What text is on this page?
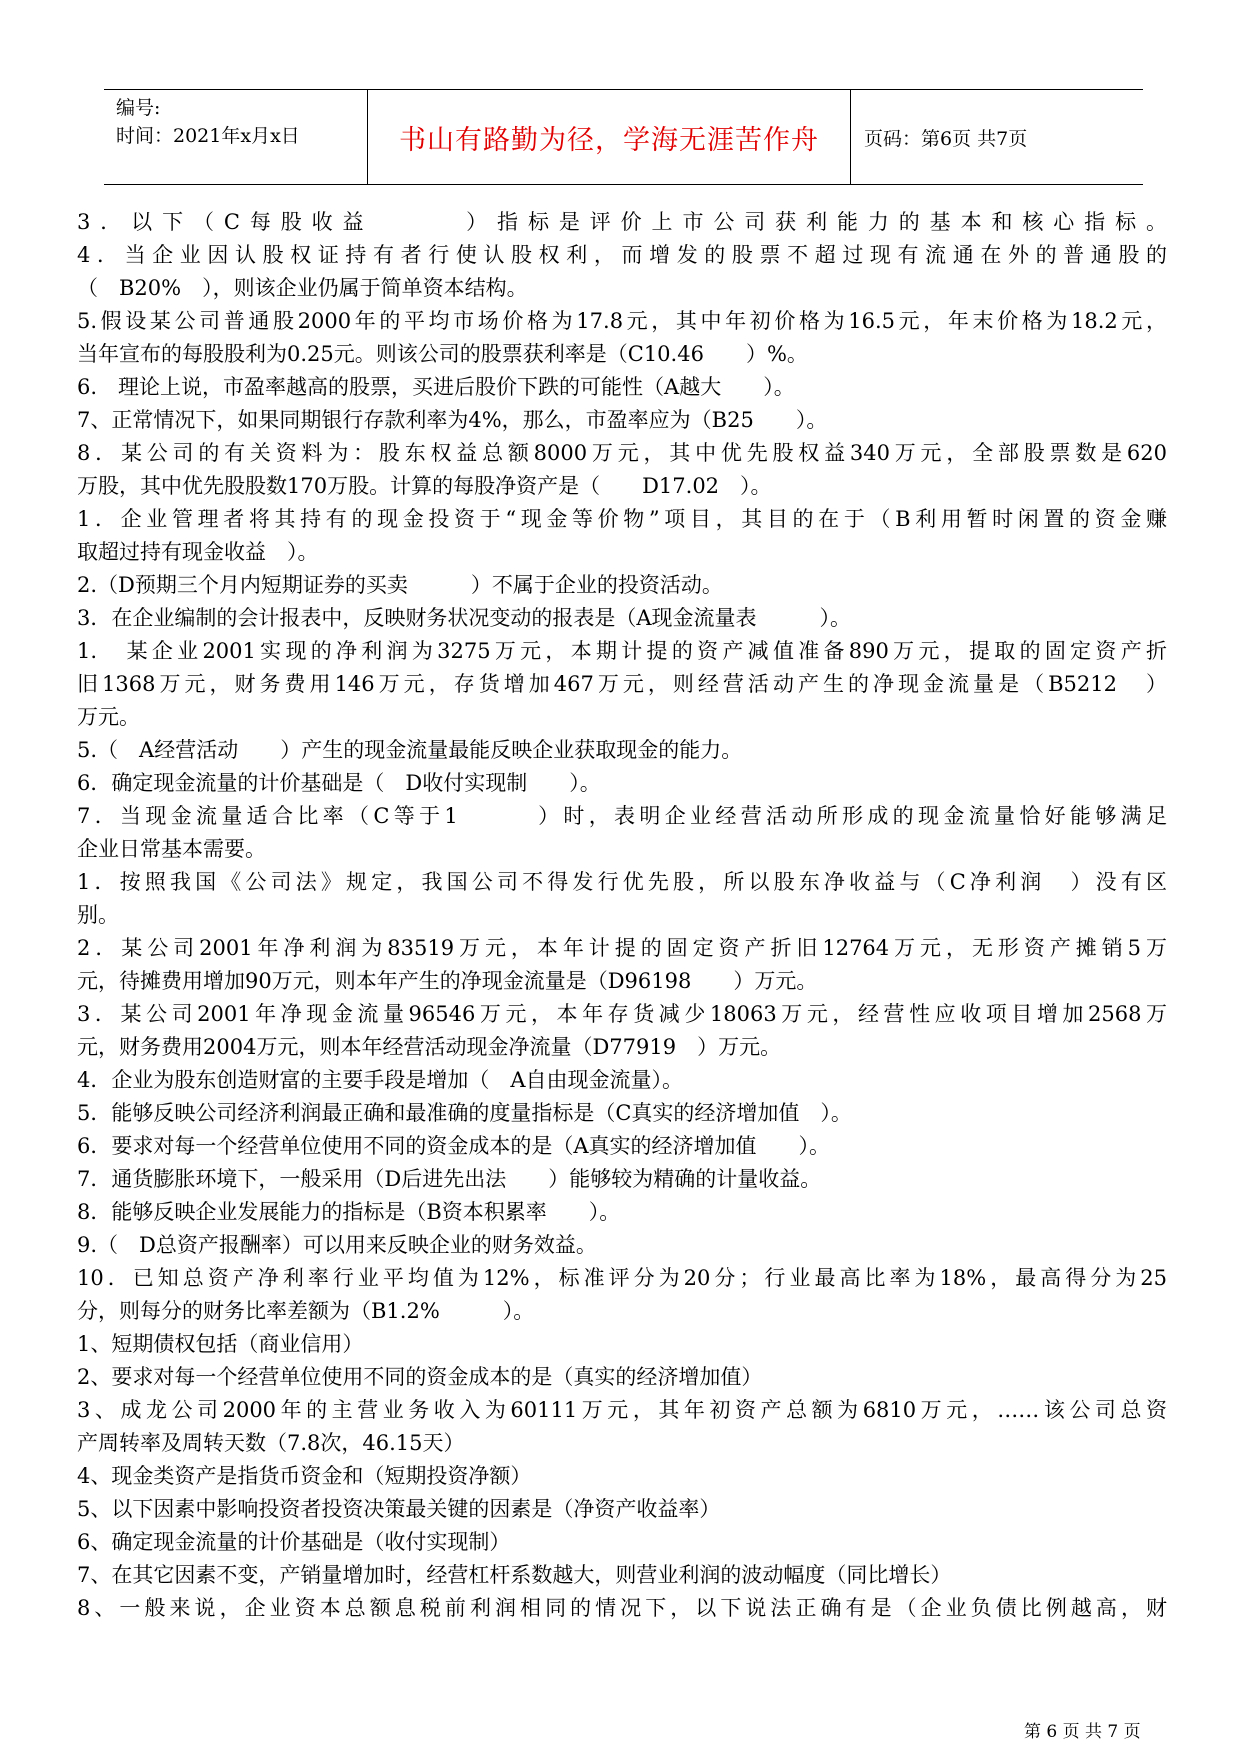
编号:
时间：2021年x月x日	书山有路勤为径，学海无涯苦作舟	页码：第6页 共7页
3．以下（C每股收益　　　）指标是评价上市公司获利能力的基本和核心指标。
4．当企业因认股权证持有者行使认股权利，而增发的股票不超过现有流通在外的普通股的
（　B20%　），则该企业仍属于简单资本结构。
5.假设某公司普通股2000年的平均市场价格为17.8元，其中年初价格为16.5元，年末价格为18.2元，
当年宣布的每股股利为0.25元。则该公司的股票获利率是（C10.46　　）%。
6.　理论上说，市盈率越高的股票，买进后股价下跌的可能性（A越大　　）。
7、正常情况下，如果同期银行存款利率为4%，那么，市盈率应为（B25　　）。
8．某公司的有关资料为：股东权益总额8000万元，其中优先股权益340万元，全部股票数是620
万股，其中优先股股数170万股。计算的每股净资产是（　　D17.02　）。
1．企业管理者将其持有的现金投资于“现金等价物”项目，其目的在于（B利用暂时闲置的资金赚
取超过持有现金收益　）。
2.（D预期三个月内短期证券的买卖　　　）不属于企业的投资活动。
3．在企业编制的会计报表中，反映财务状况变动的报表是（A现金流量表　　　）。
1.　某企业2001实现的净利润为3275万元，本期计提的资产减值准备890万元，提取的固定资产折
旧1368万元，财务费用146万元，存货增加467万元，则经营活动产生的净现金流量是（B5212　）
万元。
5.（　A经营活动　　）产生的现金流量最能反映企业获取现金的能力。
6．确定现金流量的计价基础是（　D收付实现制　　）。
7．当现金流量适合比率（C等于1　　　）时，表明企业经营活动所形成的现金流量恰好能够满足
企业日常基本需要。
1．按照我国《公司法》规定，我国公司不得发行优先股，所以股东净收益与（C净利润　）没有区
别。
2．某公司2001年净利润为83519万元，本年计提的固定资产折旧12764万元，无形资产摊销5万
元，待摊费用增加90万元，则本年产生的净现金流量是（D96198　　）万元。
3．某公司2001年净现金流量96546万元，本年存货减少18063万元，经营性应收项目增加2568万
元，财务费用2004万元，则本年经营活动现金净流量（D77919　）万元。
4．企业为股东创造财富的主要手段是增加（　A自由现金流量）。
5．能够反映公司经济利润最正确和最准确的度量指标是（C真实的经济增加值　）。
6．要求对每一个经营单位使用不同的资金成本的是（A真实的经济增加值　　）。
7．通货膨胀环境下，一般采用（D后进先出法　　）能够较为精确的计量收益。
8．能够反映企业发展能力的指标是（B资本积累率　　）。
9.（　D总资产报酬率）可以用来反映企业的财务效益。
10．已知总资产净利率行业平均值为12%，标准评分为20分；行业最高比率为18%，最高得分为25
分，则每分的财务比率差额为（B1.2%　　　）。
1、短期债权包括（商业信用）
2、要求对每一个经营单位使用不同的资金成本的是（真实的经济增加值）
3、成龙公司2000年的主营业务收入为60111万元，其年初资产总额为6810万元，……该公司总资
产周转率及周转天数（7.8次，46.15天）
4、现金类资产是指货币资金和（短期投资净额）
5、以下因素中影响投资者投资决策最关键的因素是（净资产收益率）
6、确定现金流量的计价基础是（收付实现制）
7、在其它因素不变，产销量增加时，经营杠杆系数越大，则营业利润的波动幅度（同比增长）
8、一般来说，企业资本总额息税前利润相同的情况下，以下说法正确有是（企业负债比例越高，财
第 6 页 共 7 页
